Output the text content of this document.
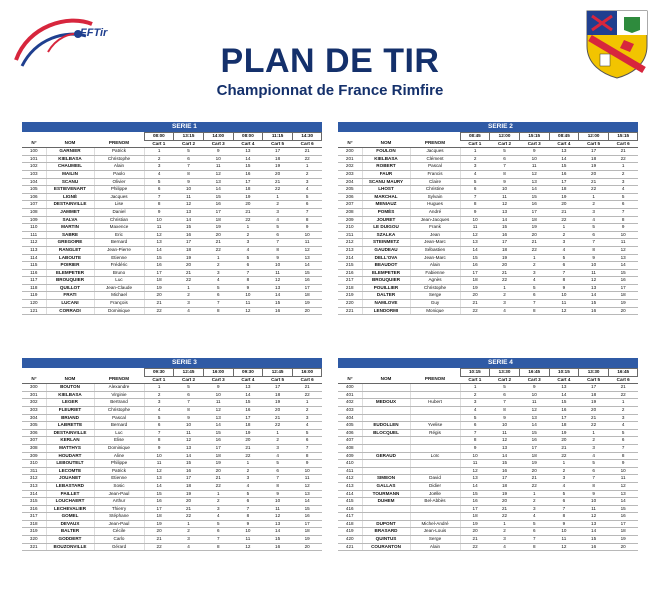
FFTir
PLAN DE TIR
Championnat de France Rimfire
SERIE 1
			08:00	13:15	14:00	08:00	11:15	14:30
N°	NOM	PRENOM	Cart 1	Cart 2	Cart 3	Cart 4	Cart 5	Cart 6
100	GARNIER	Patrick	1	5	9	13	17	21
101	KIELBASA	Christophe	2	6	10	14	18	22
102	CHAUMEIL	Alain	3	7	11	15	19	1
103	MAILIN	Paolo	4	8	12	16	20	2
104	SCANU	Olivier	5	9	13	17	21	3
105	ESTIEVENART	Philippe	6	10	14	18	22	4
106	LIGNÉ	Jacques	7	11	15	19	1	5
107	DESTAINVILLE	Lise	8	12	16	20	2	6
108	JAMMET	Daniel	9	13	17	21	3	7
109	SALVA	Christian	10	14	18	22	4	8
110	MARTIN	Maxence	11	15	19	1	5	9
111	SABRE	Eric	12	16	20	2	6	10
112	GREGOIRE	Bernard	13	17	21	3	7	11
113	RANGLET	Jean-Pierre	14	18	22	4	8	12
114	LABOUTE	Etienne	15	19	1	5	9	13
115	POIRIER	Frédéric	16	20	2	6	10	14
116	ELEMPETER	Bruno	17	21	3	7	11	15
117	BROUQUIER	Luc	18	22	4	8	12	16
118	QUILLOT	Jean-Claude	19	1	5	9	13	17
119	FRATI	Michael	20	2	6	10	14	18
120	LUCANI	François	21	3	7	11	15	19
121	CORRADI	Dominique	22	4	8	12	16	20
SERIE 2
			08:45	12:00	15:15	08:45	12:00	15:15
N°	NOM	PRENOM	Cart 1	Cart 2	Cart 3	Cart 4	Cart 5	Cart 6
200	FOULON	Jacques	1	5	9	13	17	21
201	KIELBASA	Clément	2	6	10	14	18	22
202	ROBERT	Pascal	3	7	11	15	19	1
203	FAUR	Francis	4	8	12	16	20	2
204	SCANU MAURY	Claire	5	9	13	17	21	3
205	LHOST	Christine	6	10	14	18	22	4
206	MARCHAL	Sylvain	7	11	15	19	1	5
207	MENIAUZ	Hugues	8	12	16	20	2	6
208	POMÈS	André	9	13	17	21	3	7
209	JOURET	Jean-Jacques	10	14	18	22	4	8
210	LE DUIGOU	Frank	11	15	19	1	5	9
211	SZALKA	Jean	12	16	20	2	6	10
212	STEINMETZ	Jean-Marc	13	17	21	3	7	11
213	GAUDEAU	Sébastien	14	18	22	4	8	12
214	DELL'OVA	Jean-Marc	15	19	1	5	9	13
215	BEAUDOT	Alain	16	20	2	6	10	14
216	ELEMPETER	Fabienne	17	21	3	7	11	15
217	BROUQUIER	Agnès	18	22	4	8	12	16
218	POUILLIER	Christophe	19	1	5	9	13	17
219	DALTER	Serge	20	2	6	10	14	18
220	NAMLOVE	Guy	21	3	7	11	15	19
221	LENDORMI	Monique	22	4	8	12	16	20
SERIE 3
			09:30	12:45	16:00	09:30	12:45	16:00
N°	NOM	PRENOM	Cart 1	Cart 2	Cart 3	Cart 4	Cart 5	Cart 6
300	BOUTON	Alexandre	1	5	9	13	17	21
301	KIELBASA	Virginie	2	6	10	14	18	22
302	LEGER	Bertrand	3	7	11	15	19	1
303	FLEURIET	Christophe	4	8	12	16	20	2
304	BRIAND	Pascal	5	9	13	17	21	3
305	LABRETTE	Bernard	6	10	14	18	22	4
306	DESTAINVILLE	Luc	7	11	15	19	1	5
307	KERLAN	Elise	8	12	16	20	2	6
308	MATTHYS	Dominique	9	13	17	21	3	7
309	HOUDART	Aline	10	14	18	22	4	8
310	LEBOUTELT	Philippe	11	15	19	1	5	9
311	LECOMTE	Patrick	12	16	20	2	6	10
312	JOUANET	Etienne	13	17	21	3	7	11
313	LEBASTARD	Sosic	14	18	22	4	8	12
314	PAILLET	Jean-Paul	15	19	1	5	9	13
315	LOUCHAERT	Arthur	16	20	2	6	10	14
316	LECHEVALIER	Thierry	17	21	3	7	11	15
317	GOMEL	Stéphane	18	22	4	8	12	16
318	DEVAUX	Jean-Paul	19	1	5	9	13	17
319	BALTER	Cécile	20	2	6	10	14	18
320	GODDERT	Carlo	21	3	7	11	15	19
321	BOUZONVILLE	Gérard	22	4	8	12	16	20
SERIE 4
			10:15	13:30	16:45	10:15	13:30	16:45
N°	NOM	PRENOM	Cart 1	Cart 2	Cart 3	Cart 4	Cart 5	Cart 6
400			1	5	9	13	17	21
401			2	6	10	14	18	22
402	MEDOUX	Hubert	3	7	11	15	19	1
403			4	8	12	16	20	2
404			5	9	13	17	21	3
405	EUDOLLEN	Yvelise	6	10	14	18	22	4
406	BLOCQUEL	Régis	7	11	15	19	1	5
407			8	12	16	20	2	6
408			9	13	17	21	3	7
409	GERAUD	Loïc	10	14	18	22	4	8
410			11	15	19	1	5	9
411			12	16	20	2	6	10
412	SIMEON	David	13	17	21	3	7	11
413	GALLAS	Didier	14	18	22	4	8	12
414	TOURMANN	Joëlle	15	19	1	5	9	13
415	DUHEM	Bel-Abbès	16	20	2	6	10	14
416			17	21	3	7	11	15
417			18	22	4	8	12	16
418	DUPONT	Michel-André	19	1	5	9	13	17
419	BRASARD	Jean-Louis	20	2	6	10	14	18
420	QUINTUS	Serge	21	3	7	11	15	19
421	COURANTON	Alain	22	4	8	12	16	20
